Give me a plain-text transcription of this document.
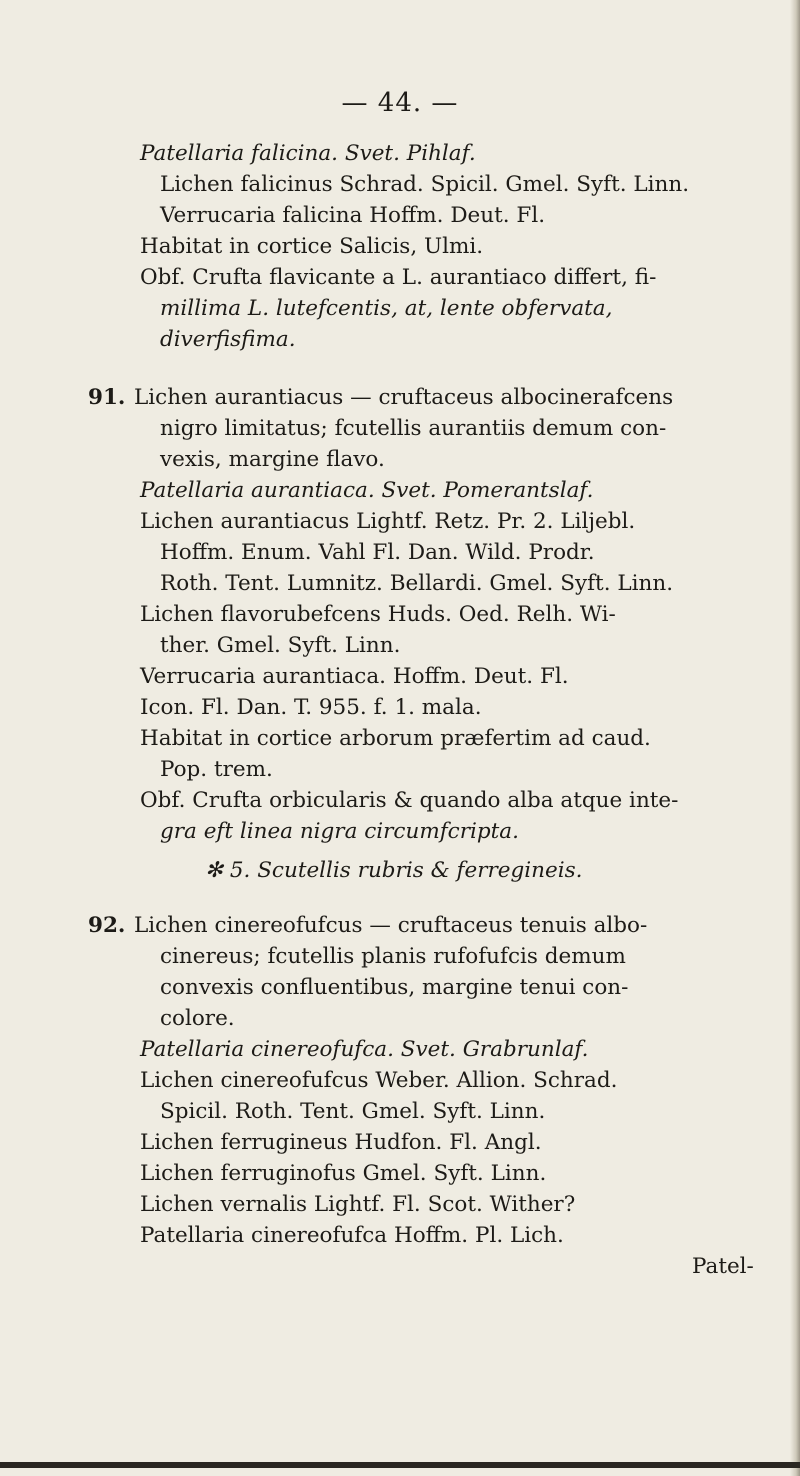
— 44. —
Patellaria falicina. Svet. Pihlaf.
Lichen falicinus Schrad. Spicil. Gmel. Syft. Linn.
Verrucaria falicina Hoffm. Deut. Fl.
Habitat in cortice Salicis, Ulmi.
Obf. Crufta flavicante a L. aurantiaco differt, fi-
millima L. lutefcentis, at, lente obfervata,
diverfisfima.
91. Lichen aurantiacus — cruftaceus albocinerafcens
nigro limitatus; fcutellis aurantiis demum con-
vexis, margine flavo.
Patellaria aurantiaca. Svet. Pomerantslaf.
Lichen aurantiacus Lightf. Retz. Pr. 2. Liljebl.
Hoffm. Enum. Vahl Fl. Dan. Wild. Prodr.
Roth. Tent. Lumnitz. Bellardi. Gmel. Syft. Linn.
Lichen flavorubefcens Huds. Oed. Relh. Wi-
ther. Gmel. Syft. Linn.
Verrucaria aurantiaca. Hoffm. Deut. Fl.
Icon. Fl. Dan. T. 955. f. 1. mala.
Habitat in cortice arborum præfertim ad caud.
Pop. trem.
Obf. Crufta orbicularis & quando alba atque inte-
gra eft linea nigra circumfcripta.
✻ 5. Scutellis rubris & ferregineis.
92. Lichen cinereofufcus — cruftaceus tenuis albo-
cinereus; fcutellis planis rufofufcis demum
convexis confluentibus, margine tenui con-
colore.
Patellaria cinereofufca. Svet. Grabrunlaf.
Lichen cinereofufcus Weber. Allion. Schrad.
Spicil. Roth. Tent. Gmel. Syft. Linn.
Lichen ferrugineus Hudfon. Fl. Angl.
Lichen ferruginofus Gmel. Syft. Linn.
Lichen vernalis Lightf. Fl. Scot. Wither?
Patellaria cinereofufca Hoffm. Pl. Lich.
Patel-
